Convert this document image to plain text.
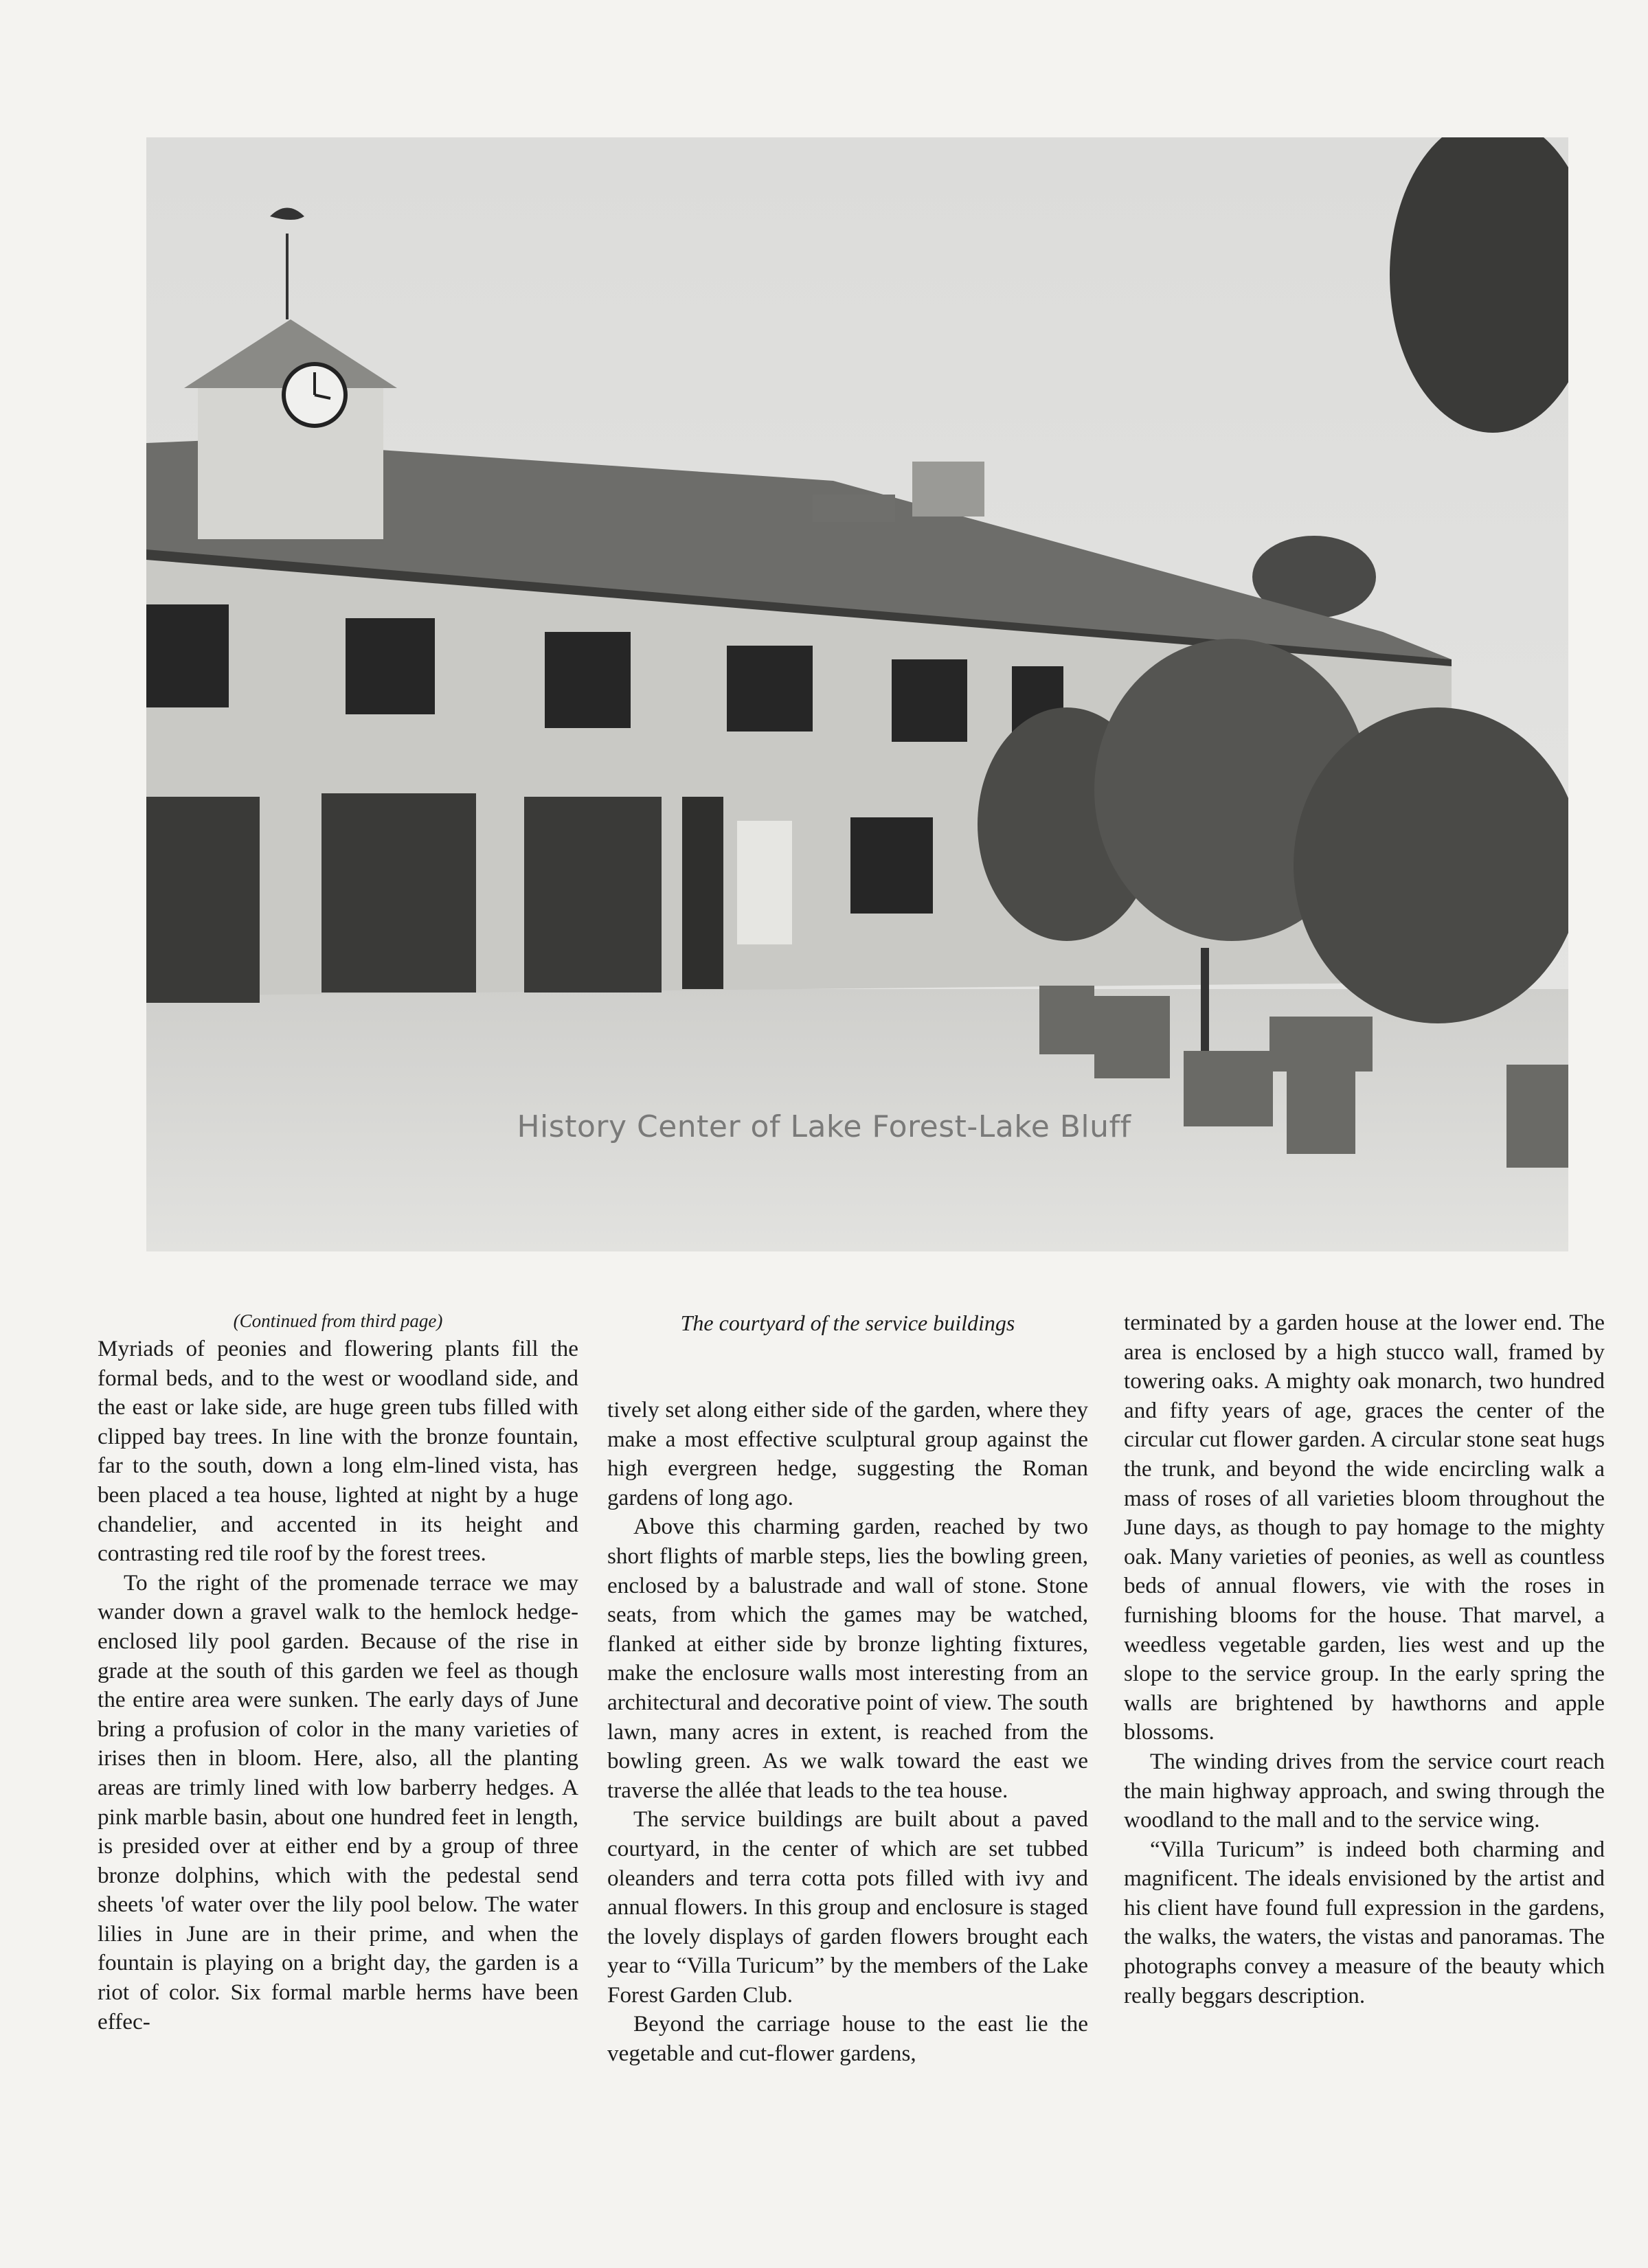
History Center of Lake Forest-Lake Bluff
(Continued from third page)

Myriads of peonies and flowering plants fill the formal beds, and to the west or woodland side, and the east or lake side, are huge green tubs filled with clipped bay trees. In line with the bronze fountain, far to the south, down a long elm-lined vista, has been placed a tea house, lighted at night by a huge chandelier, and accented in its height and contrasting red tile roof by the forest trees.

To the right of the promenade terrace we may wander down a gravel walk to the hemlock hedge-enclosed lily pool garden. Because of the rise in grade at the south of this garden we feel as though the entire area were sunken. The early days of June bring a profusion of color in the many varieties of irises then in bloom. Here, also, all the planting areas are trimly lined with low barberry hedges. A pink marble basin, about one hundred feet in length, is presided over at either end by a group of three bronze dolphins, which with the pedestal send sheets 'of water over the lily pool below. The water lilies in June are in their prime, and when the fountain is playing on a bright day, the garden is a riot of color. Six formal marble herms have been effec-

The courtyard of the service buildings

tively set along either side of the garden, where they make a most effective sculptural group against the high evergreen hedge, suggesting the Roman gardens of long ago.

Above this charming garden, reached by two short flights of marble steps, lies the bowling green, enclosed by a balustrade and wall of stone. Stone seats, from which the games may be watched, flanked at either side by bronze lighting fixtures, make the enclosure walls most interesting from an architectural and decorative point of view. The south lawn, many acres in extent, is reached from the bowling green. As we walk toward the east we traverse the allée that leads to the tea house.

The service buildings are built about a paved courtyard, in the center of which are set tubbed oleanders and terra cotta pots filled with ivy and annual flowers. In this group and enclosure is staged the lovely displays of garden flowers brought each year to “Villa Turicum” by the members of the Lake Forest Garden Club.

Beyond the carriage house to the east lie the vegetable and cut-flower gardens,

terminated by a garden house at the lower end. The area is enclosed by a high stucco wall, framed by towering oaks. A mighty oak monarch, two hundred and fifty years of age, graces the center of the circular cut flower garden. A circular stone seat hugs the trunk, and beyond the wide encircling walk a mass of roses of all varieties bloom throughout the June days, as though to pay homage to the mighty oak. Many varieties of peonies, as well as countless beds of annual flowers, vie with the roses in furnishing blooms for the house. That marvel, a weedless vegetable garden, lies west and up the slope to the service group. In the early spring the walls are brightened by hawthorns and apple blossoms.

The winding drives from the service court reach the main highway approach, and swing through the woodland to the mall and to the service wing.

“Villa Turicum” is indeed both charming and magnificent. The ideals envisioned by the artist and his client have found full expression in the gardens, the walks, the waters, the vistas and panoramas. The photographs convey a measure of the beauty which really beggars description.
